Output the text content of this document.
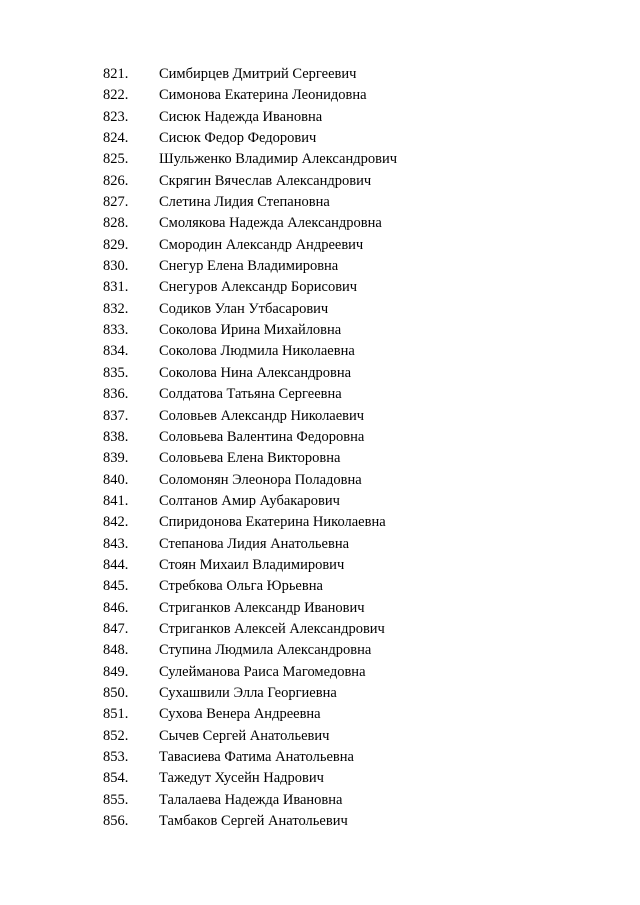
821. Симбирцев Дмитрий Сергеевич
822. Симонова Екатерина Леонидовна
823. Сисюк Надежда Ивановна
824. Сисюк Федор Федорович
825. Шульженко Владимир Александрович
826. Скрягин Вячеслав Александрович
827. Слетина Лидия Степановна
828. Смолякова Надежда Александровна
829. Смородин Александр Андреевич
830. Снегур Елена Владимировна
831. Снегуров Александр Борисович
832. Содиков Улан Утбасарович
833. Соколова Ирина Михайловна
834. Соколова Людмила Николаевна
835. Соколова Нина Александровна
836. Солдатова Татьяна Сергеевна
837. Соловьев Александр Николаевич
838. Соловьева Валентина Федоровна
839. Соловьева Елена Викторовна
840. Соломонян Элеонора Поладовна
841. Солтанов Амир Аубакарович
842. Спиридонова Екатерина Николаевна
843. Степанова Лидия Анатольевна
844. Стоян Михаил Владимирович
845. Стребкова Ольга Юрьевна
846. Стриганков Александр Иванович
847. Стриганков Алексей Александрович
848. Ступина Людмила Александровна
849. Сулейманова Раиса Магомедовна
850. Сухашвили Элла Георгиевна
851. Сухова Венера Андреевна
852. Сычев Сергей Анатольевич
853. Тавасиева Фатима Анатольевна
854. Тажедут Хусейн Надрович
855. Талалаева Надежда Ивановна
856. Тамбаков Сергей Анатольевич
